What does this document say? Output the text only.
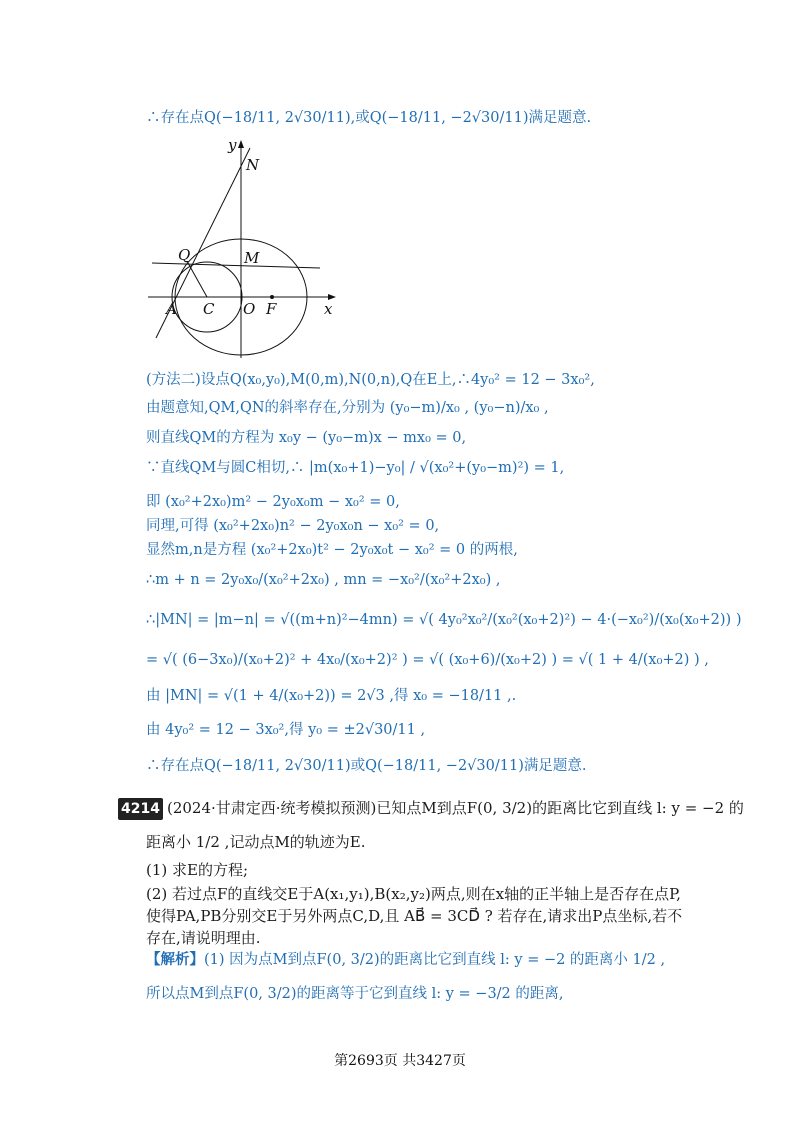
∴存在点Q(−18/11, 2√30/11),或Q(−18/11, −2√30/11)满足题意.
y
N
Q	M
A C O F	x
(方法二)设点Q(x₀,y₀),M(0,m),N(0,n),Q在E上,∴4y₀² = 12 − 3x₀²,
由题意知,QM,QN的斜率存在,分别为 (y₀−m)/x₀ , (y₀−n)/x₀ ,
则直线QM的方程为 x₀y − (y₀−m)x − mx₀ = 0,
∵直线QM与圆C相切,∴ |m(x₀+1)−y₀| / √(x₀²+(y₀−m)²) = 1,
即 (x₀²+2x₀)m² − 2y₀x₀m − x₀² = 0,
同理,可得 (x₀²+2x₀)n² − 2y₀x₀n − x₀² = 0,
显然m,n是方程 (x₀²+2x₀)t² − 2y₀x₀t − x₀² = 0 的两根,
∴m + n = 2y₀x₀/(x₀²+2x₀) , mn = −x₀²/(x₀²+2x₀) ,
∴|MN| = |m−n| = √((m+n)²−4mn) = √( 4y₀²x₀²/(x₀²(x₀+2)²) − 4·(−x₀²)/(x₀(x₀+2)) )
= √( (6−3x₀)/(x₀+2)² + 4x₀/(x₀+2)² ) = √( (x₀+6)/(x₀+2) ) = √( 1 + 4/(x₀+2) ) ,
由 |MN| = √(1 + 4/(x₀+2)) = 2√3 ,得 x₀ = −18/11 ,.
由 4y₀² = 12 − 3x₀²,得 y₀ = ±2√30/11 ,
∴存在点Q(−18/11, 2√30/11)或Q(−18/11, −2√30/11)满足题意.
4214 (2024·甘肃定西·统考模拟预测)已知点M到点F(0, 3/2)的距离比它到直线 l: y = −2 的
距离小 1/2 ,记动点M的轨迹为E.
(1) 求E的方程;
(2) 若过点F的直线交E于A(x₁,y₁),B(x₂,y₂)两点,则在x轴的正半轴上是否存在点P,
使得PA,PB分别交E于另外两点C,D,且 AB⃗ = 3CD⃗ ? 若存在,请求出P点坐标,若不
存在,请说明理由.
【解析】(1) 因为点M到点F(0, 3/2)的距离比它到直线 l: y = −2 的距离小 1/2 ,
所以点M到点F(0, 3/2)的距离等于它到直线 l: y = −3/2 的距离,
第2693页 共3427页
